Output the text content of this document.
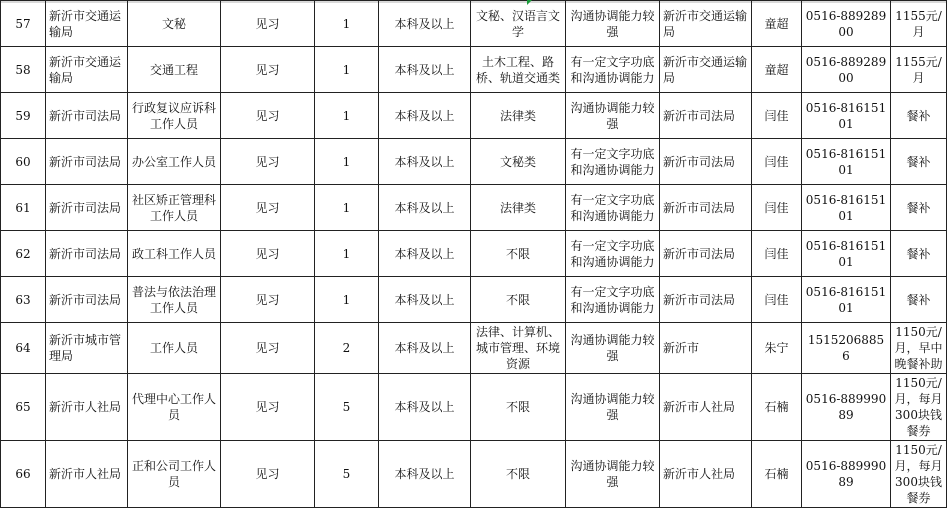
57	新沂市交通运输局	文秘	见习	1	本科及以上	文秘、汉语言文学	沟通协调能力较强	新沂市交通运输局	童超	0516-88928900	1155元/月
58	新沂市交通运输局	交通工程	见习	1	本科及以上	土木工程、路桥、轨道交通类	有一定文字功底和沟通协调能力	新沂市交通运输局	童超	0516-88928900	1155元/月
59	新沂市司法局	行政复议应诉科工作人员	见习	1	本科及以上	法律类	沟通协调能力较强	新沂市司法局	闫佳	0516-81615101	餐补
60	新沂市司法局	办公室工作人员	见习	1	本科及以上	文秘类	有一定文字功底和沟通协调能力	新沂市司法局	闫佳	0516-81615101	餐补
61	新沂市司法局	社区矫正管理科工作人员	见习	1	本科及以上	法律类	有一定文字功底和沟通协调能力	新沂市司法局	闫佳	0516-81615101	餐补
62	新沂市司法局	政工科工作人员	见习	1	本科及以上	不限	有一定文字功底和沟通协调能力	新沂市司法局	闫佳	0516-81615101	餐补
63	新沂市司法局	普法与依法治理工作人员	见习	1	本科及以上	不限	有一定文字功底和沟通协调能力	新沂市司法局	闫佳	0516-81615101	餐补
64	新沂市城市管理局	工作人员	见习	2	本科及以上	法律、计算机、城市管理、环境资源	沟通协调能力较强	新沂市	朱宁	15152068856	1150元/月，早中晚餐补助
65	新沂市人社局	代理中心工作人员	见习	5	本科及以上	不限	沟通协调能力较强	新沂市人社局	石楠	0516-88999089	1150元/月，每月300块钱餐券
66	新沂市人社局	正和公司工作人员	见习	5	本科及以上	不限	沟通协调能力较强	新沂市人社局	石楠	0516-88999089	1150元/月，每月300块钱餐券
